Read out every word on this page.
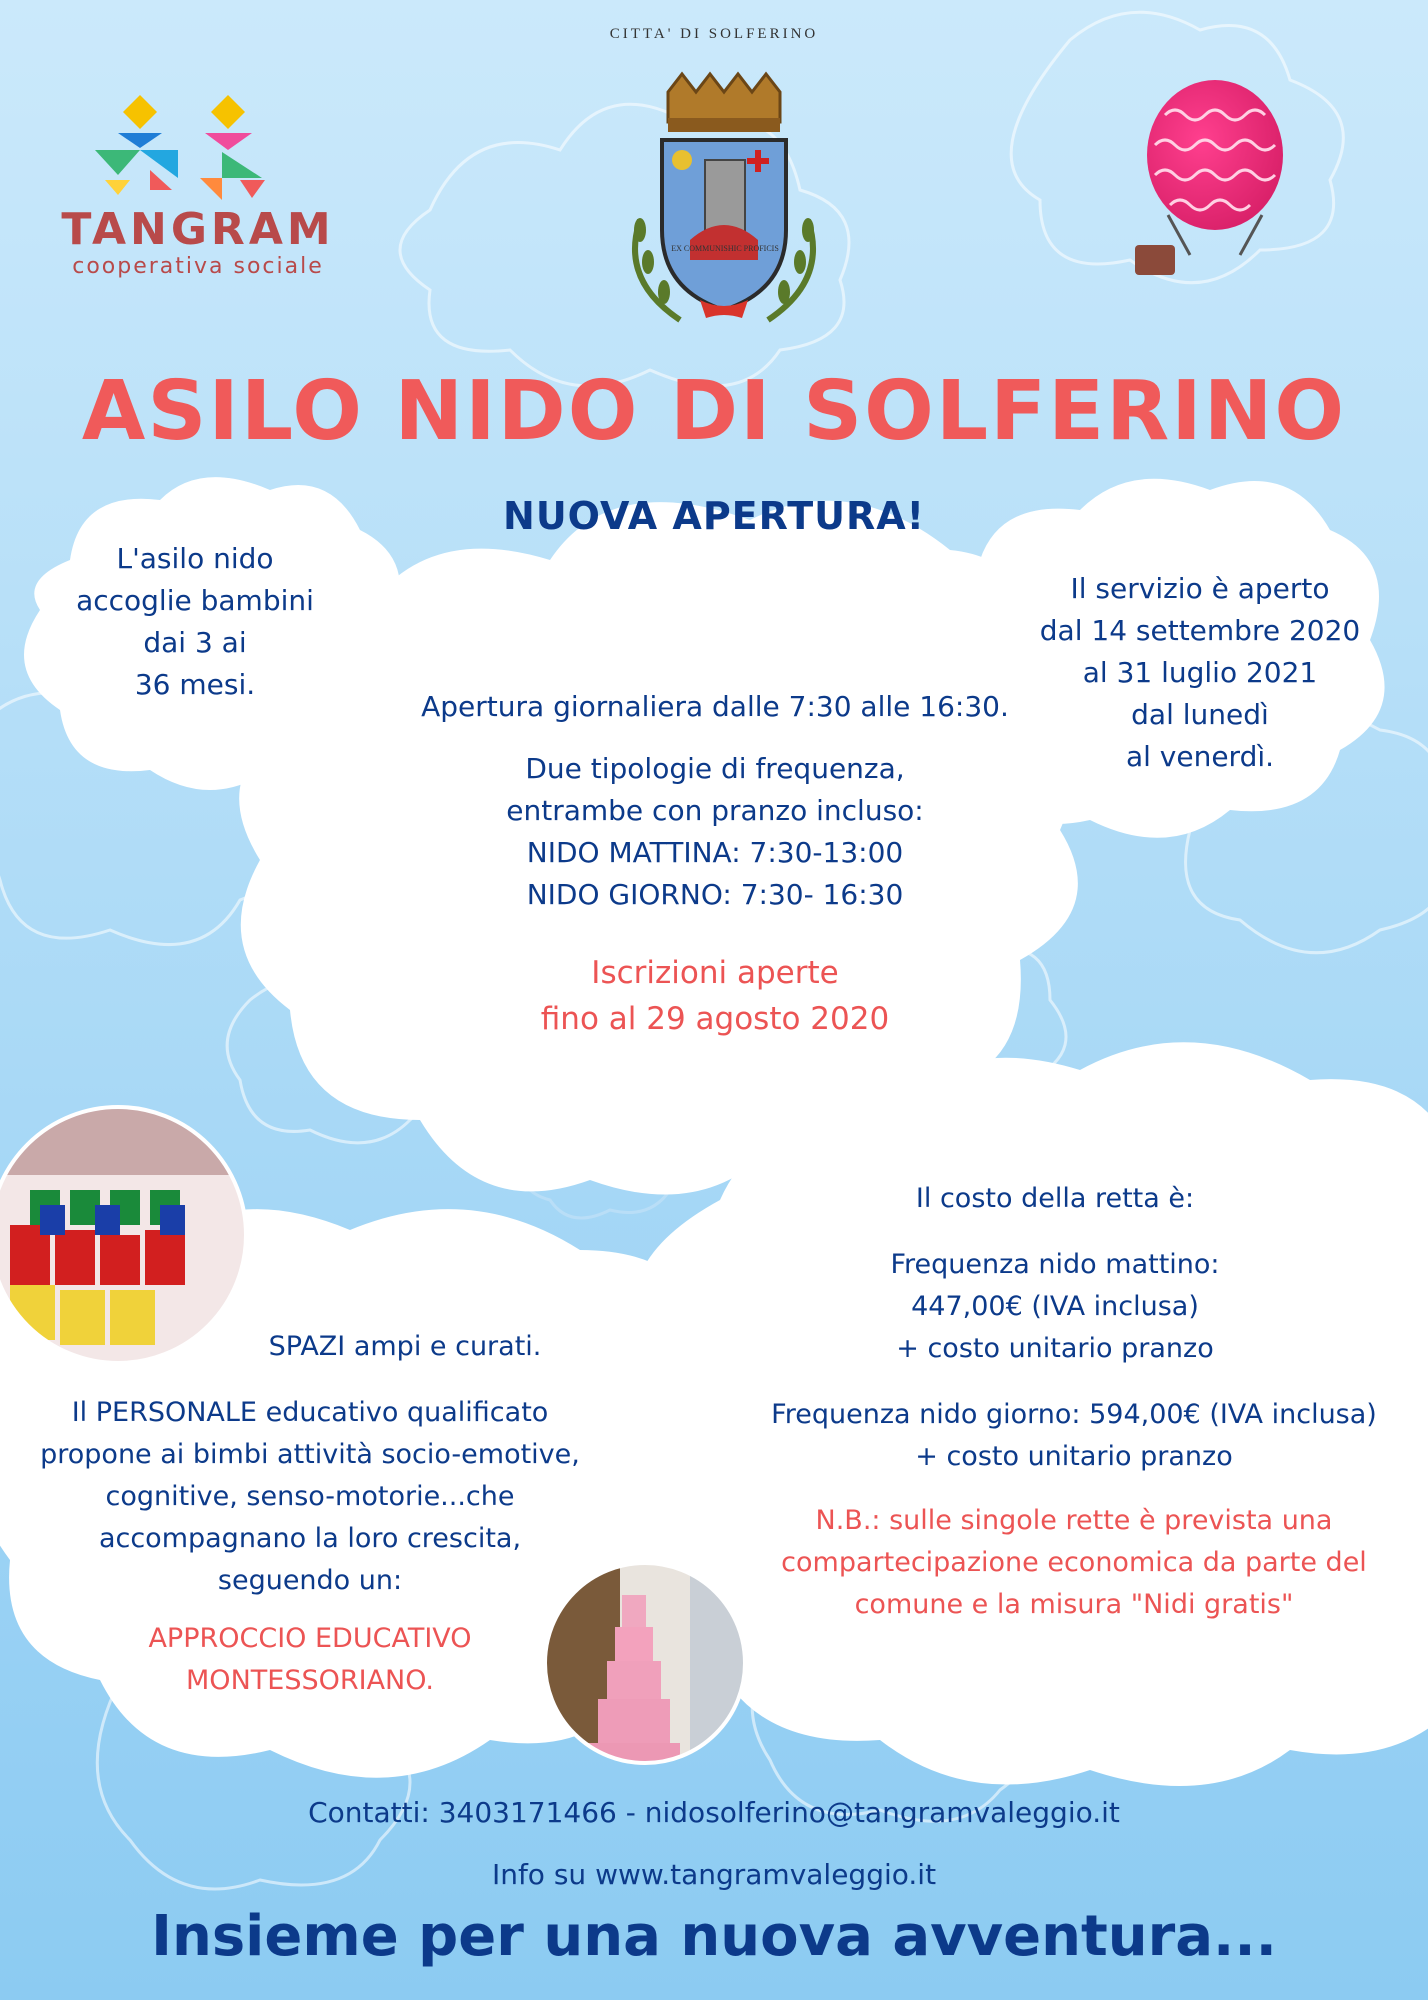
CITTA' DI SOLFERINO
TANGRAM
cooperativa sociale
EX COMMUNISHIC PROFICIS
ASILO NIDO DI SOLFERINO
NUOVA APERTURA!
L'asilo nido
accoglie bambini
dai 3 ai
36 mesi.
Il servizio è aperto
dal 14 settembre 2020
al 31 luglio 2021
dal lunedì
al venerdì.
Apertura giornaliera dalle 7:30 alle 16:30.
Due tipologie di frequenza,
entrambe con pranzo incluso:
NIDO MATTINA: 7:30-13:00
NIDO GIORNO: 7:30- 16:30
Iscrizioni aperte
fino al 29 agosto 2020
SPAZI ampi e curati.
Il PERSONALE educativo qualificato
propone ai bimbi attività socio-emotive,
cognitive, senso-motorie...che
accompagnano la loro crescita,
seguendo un:
APPROCCIO EDUCATIVO
MONTESSORIANO.
Il costo della retta è:
Frequenza nido mattino:
447,00€ (IVA inclusa)
+ costo unitario pranzo
Frequenza nido giorno: 594,00€ (IVA inclusa)
+ costo unitario pranzo
N.B.: sulle singole rette è prevista una
compartecipazione economica da parte del
comune e la misura "Nidi gratis"
Contatti: 3403171466 - nidosolferino@tangramvaleggio.it
Info su www.tangramvaleggio.it
Insieme per una nuova avventura...
